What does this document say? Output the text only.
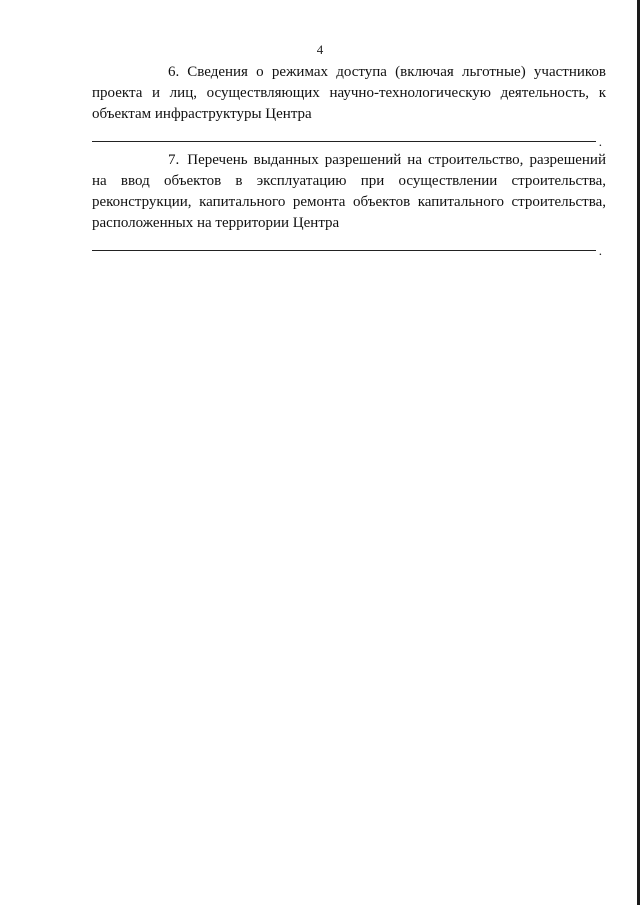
4

6. Сведения о режимах доступа (включая льготные) участников проекта и лиц, осуществляющих научно-технологическую деятельность, к объектам инфраструктуры Центра

.

7. Перечень выданных разрешений на строительство, разрешений на ввод объектов в эксплуатацию при осуществлении строительства, реконструкции, капитального ремонта объектов капитального строительства, расположенных на территории Центра

.
